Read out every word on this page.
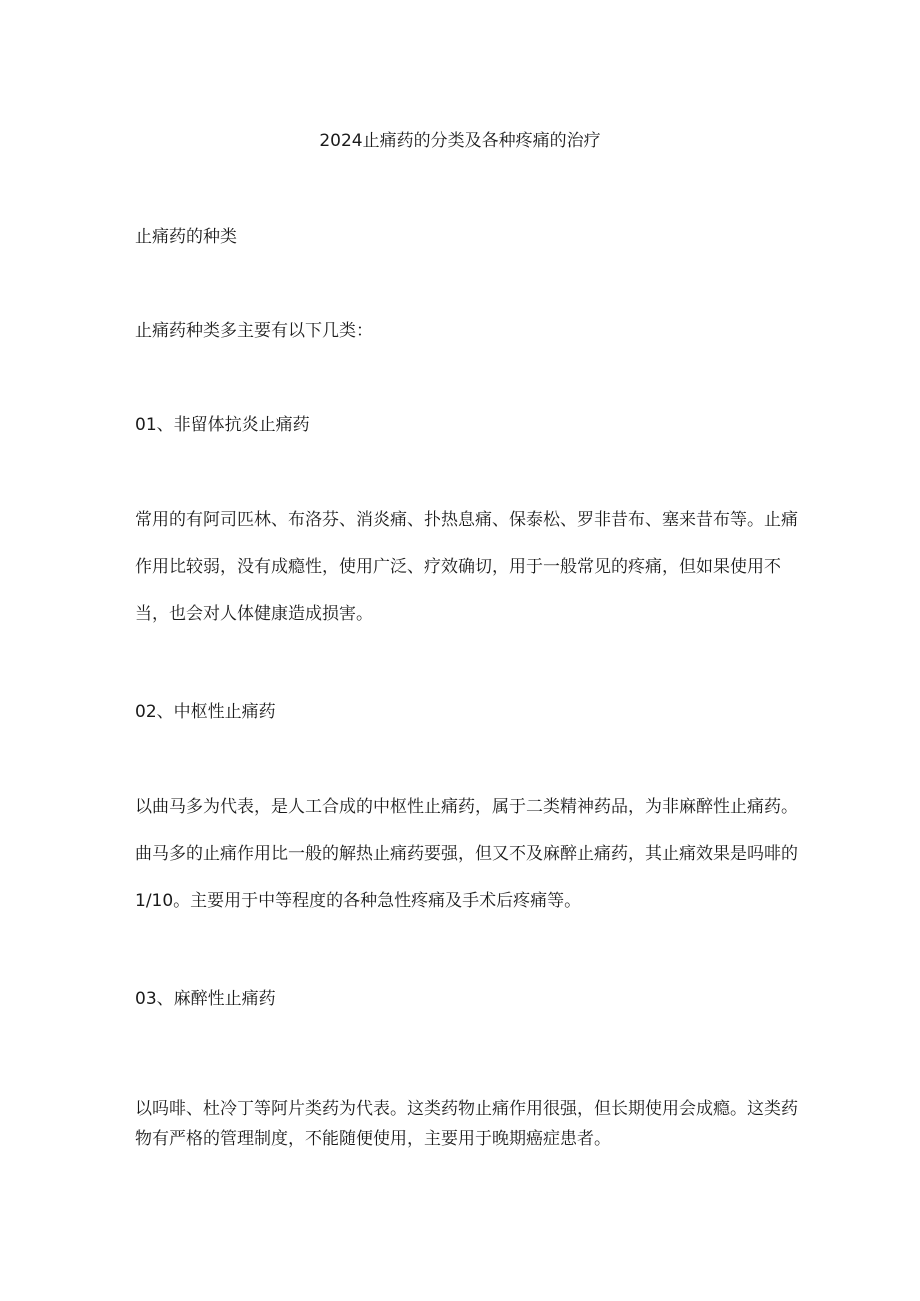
2024止痛药的分类及各种疼痛的治疗
止痛药的种类
止痛药种类多主要有以下几类：
01、非留体抗炎止痛药
常用的有阿司匹林、布洛芬、消炎痛、扑热息痛、保泰松、罗非昔布、塞来昔布等。止痛作用比较弱，没有成瘾性，使用广泛、疗效确切，用于一般常见的疼痛，但如果使用不当，也会对人体健康造成损害。
02、中枢性止痛药
以曲马多为代表，是人工合成的中枢性止痛药，属于二类精神药品，为非麻醉性止痛药。曲马多的止痛作用比一般的解热止痛药要强，但又不及麻醉止痛药，其止痛效果是吗啡的1/10。主要用于中等程度的各种急性疼痛及手术后疼痛等。
03、麻醉性止痛药
以吗啡、杜冷丁等阿片类药为代表。这类药物止痛作用很强，但长期使用会成瘾。这类药物有严格的管理制度，不能随便使用，主要用于晚期癌症患者。
